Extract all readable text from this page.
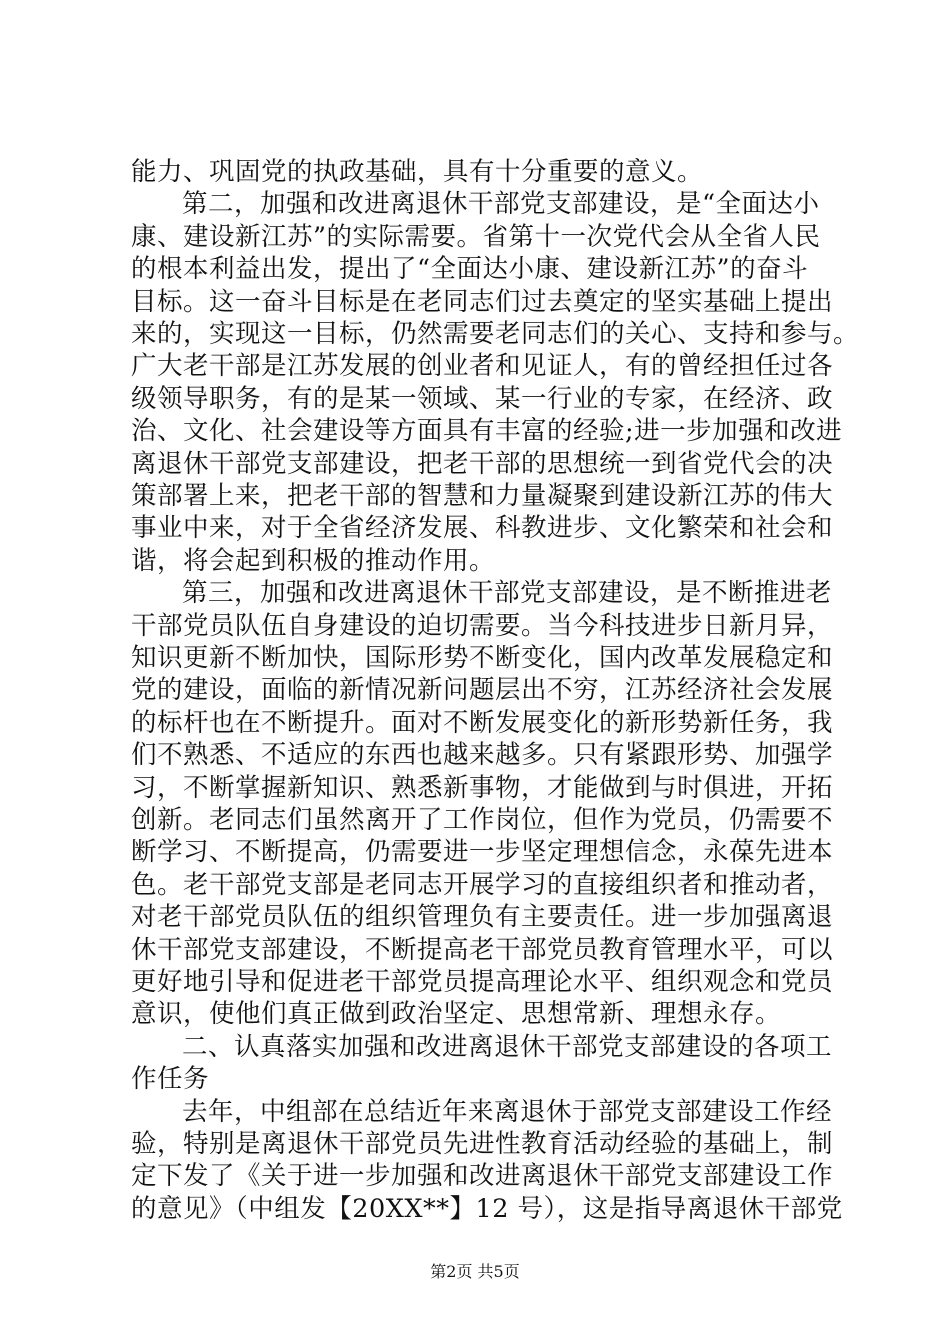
能力、巩固党的执政基础，具有十分重要的意义。
第二，加强和改进离退休干部党支部建设，是“全面达小
康、建设新江苏”的实际需要。省第十一次党代会从全省人民
的根本利益出发，提出了“全面达小康、建设新江苏”的奋斗
目标。这一奋斗目标是在老同志们过去奠定的坚实基础上提出
来的，实现这一目标，仍然需要老同志们的关心、支持和参与。
广大老干部是江苏发展的创业者和见证人，有的曾经担任过各
级领导职务，有的是某一领域、某一行业的专家，在经济、政
治、文化、社会建设等方面具有丰富的经验;进一步加强和改进
离退休干部党支部建设，把老干部的思想统一到省党代会的决
策部署上来，把老干部的智慧和力量凝聚到建设新江苏的伟大
事业中来，对于全省经济发展、科教进步、文化繁荣和社会和
谐，将会起到积极的推动作用。
第三，加强和改进离退休干部党支部建设，是不断推进老
干部党员队伍自身建设的迫切需要。当今科技进步日新月异，
知识更新不断加快，国际形势不断变化，国内改革发展稳定和
党的建设，面临的新情况新问题层出不穷，江苏经济社会发展
的标杆也在不断提升。面对不断发展变化的新形势新任务，我
们不熟悉、不适应的东西也越来越多。只有紧跟形势、加强学
习，不断掌握新知识、熟悉新事物，才能做到与时俱进，开拓
创新。老同志们虽然离开了工作岗位，但作为党员，仍需要不
断学习、不断提高，仍需要进一步坚定理想信念，永葆先进本
色。老干部党支部是老同志开展学习的直接组织者和推动者，
对老干部党员队伍的组织管理负有主要责任。进一步加强离退
休干部党支部建设，不断提高老干部党员教育管理水平，可以
更好地引导和促进老干部党员提高理论水平、组织观念和党员
意识，使他们真正做到政治坚定、思想常新、理想永存。
二、认真落实加强和改进离退休干部党支部建设的各项工
作任务
去年，中组部在总结近年来离退休于部党支部建设工作经
验，特别是离退休干部党员先进性教育活动经验的基础上，制
定下发了《关于进一步加强和改进离退休干部党支部建设工作
的意见》（中组发【20XX**】12 号），这是指导离退休干部党
第2页 共5页
